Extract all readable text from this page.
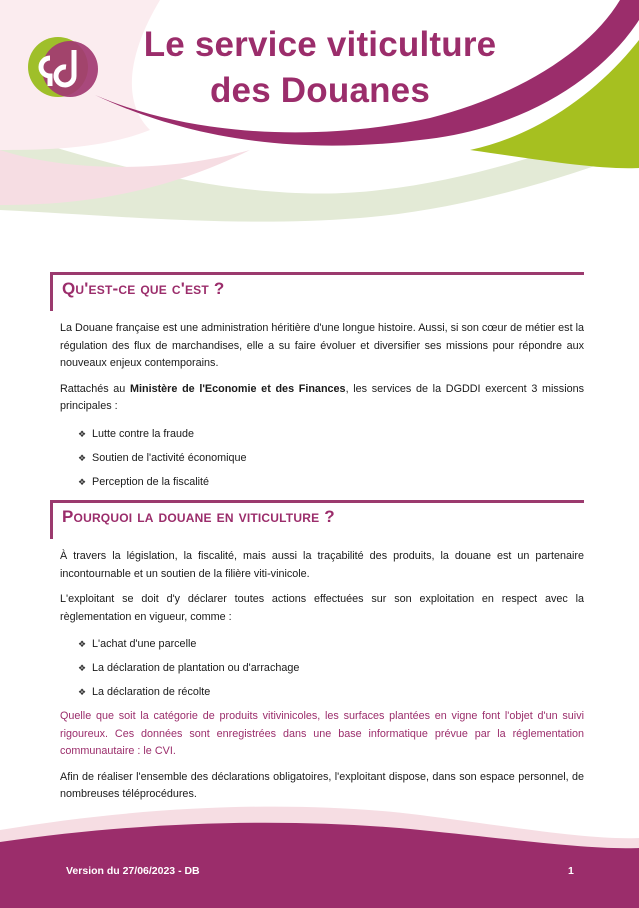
Le service viticulture
des Douanes
Qu'est-ce que c'est ?

La Douane française est une administration héritière d'une longue histoire. Aussi, si son cœur de métier est la régulation des flux de marchandises, elle a su faire évoluer et diversifier ses missions pour répondre aux nouveaux enjeux contemporains.

Rattachés au Ministère de l'Economie et des Finances, les services de la DGDDI exercent 3 missions principales :

❖ Lutte contre la fraude
❖ Soutien de l'activité économique
❖ Perception de la fiscalité
Pourquoi la douane en viticulture ?

À travers la législation, la fiscalité, mais aussi la traçabilité des produits, la douane est un partenaire incontournable et un soutien de la filière viti-vinicole.

L'exploitant se doit d'y déclarer toutes actions effectuées sur son exploitation en respect avec la règlementation en vigueur, comme :

❖ L'achat d'une parcelle
❖ La déclaration de plantation ou d'arrachage
❖ La déclaration de récolte

Quelle que soit la catégorie de produits vitivinicoles, les surfaces plantées en vigne font l'objet d'un suivi rigoureux. Ces données sont enregistrées dans une base informatique prévue par la réglementation communautaire : le CVI.

Afin de réaliser l'ensemble des déclarations obligatoires, l'exploitant dispose, dans son espace personnel, de nombreuses téléprocédures.

Version du 27/06/2023 - DB	1
